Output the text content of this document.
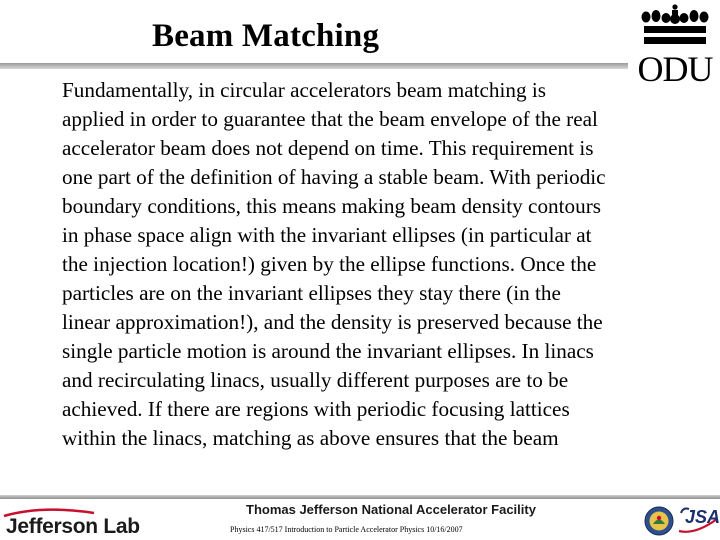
Beam Matching
ODU
Fundamentally, in circular accelerators beam matching is
applied in order to guarantee that the beam envelope of the real
accelerator beam does not depend on time. This requirement is
one part of the definition of having a stable beam. With periodic
boundary conditions, this means making beam density contours
in phase space align with the invariant ellipses (in particular at
the injection location!) given by the ellipse functions. Once the
particles are on the invariant ellipses they stay there (in the
linear approximation!), and the density is preserved because the
single particle motion is around the invariant ellipses. In linacs
and recirculating linacs, usually different purposes are to be
achieved. If there are regions with periodic focusing lattices
within the linacs, matching as above ensures that the beam
Jefferson Lab
Thomas Jefferson National Accelerator Facility
Physics 417/517 Introduction to Particle Accelerator Physics 10/16/2007
JSA
